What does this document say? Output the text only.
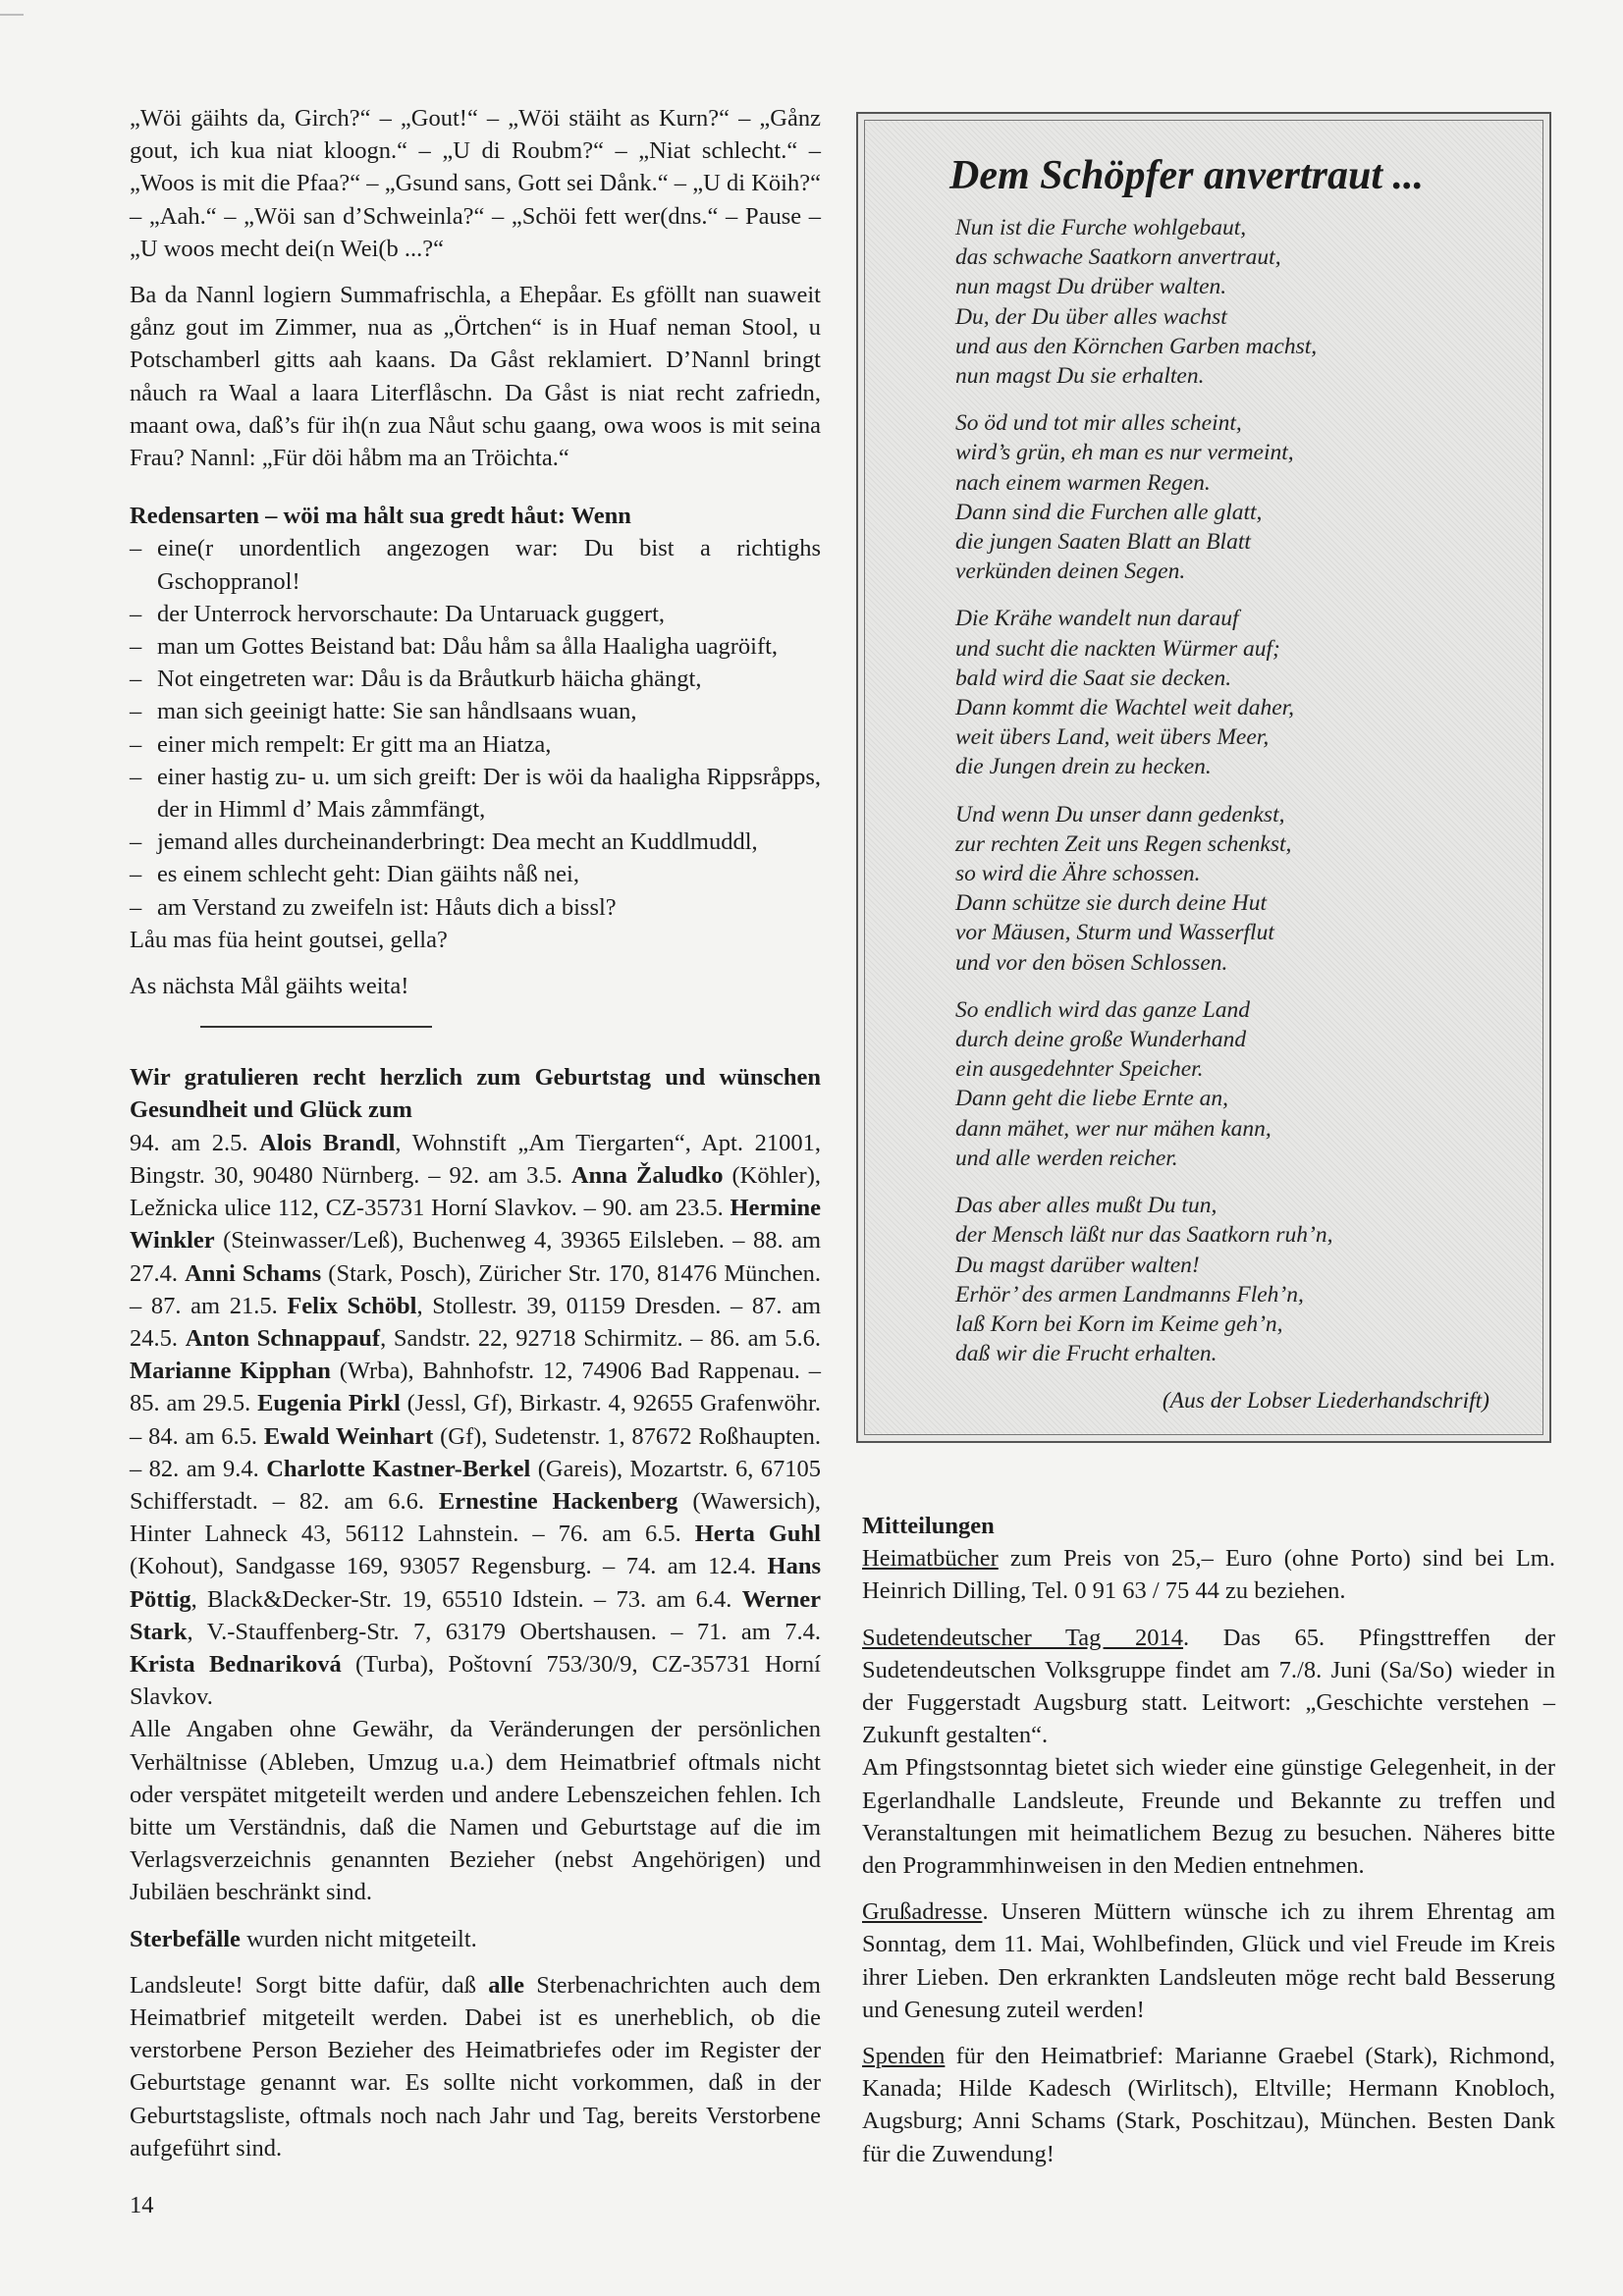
„Wöi gäihts da, Girch?“ – „Gout!“ – „Wöi stäiht as Kurn?“ – „Gånz gout, ich kua niat kloogn.“ – „U di Roubm?“ – „Niat schlecht.“ – „Woos is mit die Pfaa?“ – „Gsund sans, Gott sei Dånk.“ – „U di Köih?“ – „Aah.“ – „Wöi san d’Schweinla?“ – „Schöi fett wer(dns.“ – Pause – „U woos mecht dei(n Wei(b ...?“

Ba da Nannl logiern Summafrischla, a Ehepåar. Es gföllt nan suaweit gånz gout im Zimmer, nua as „Örtchen“ is in Huaf neman Stool, u Potschamberl gitts aah kaans. Da Gåst reklamiert. D’Nannl bringt nåuch ra Waal a laara Literflåschn. Da Gåst is niat recht zafriedn, maant owa, daß’s für ih(n zua Nåut schu gaang, owa woos is mit seina Frau? Nannl: „Für döi håbm ma an Tröichta.“

Redensarten – wöi ma hålt sua gredt håut: Wenn

– eine(r unordentlich angezogen war: Du bist a richtighs Gschoppranol!
– der Unterrock hervorschaute: Da Untaruack guggert,
– man um Gottes Beistand bat: Dåu håm sa ålla Haaligha uagröift,
– Not eingetreten war: Dåu is da Bråutkurb häicha ghängt,
– man sich geeinigt hatte: Sie san håndlsaans wuan,
– einer mich rempelt: Er gitt ma an Hiatza,
– einer hastig zu- u. um sich greift: Der is wöi da haaligha Rippsråpps, der in Himml d’ Mais zåmmfängt,
– jemand alles durcheinanderbringt: Dea mecht an Kuddlmuddl,
– es einem schlecht geht: Dian gäihts nåß nei,
– am Verstand zu zweifeln ist: Håuts dich a bissl?

Låu mas füa heint goutsei, gella?

As nächsta Mål gäihts weita!

Wir gratulieren recht herzlich zum Geburtstag und wünschen Gesundheit und Glück zum

94. am 2.5. Alois Brandl, Wohnstift „Am Tiergarten“, Apt. 21001, Bingstr. 30, 90480 Nürnberg. – 92. am 3.5. Anna Žaludko (Köhler), Ležnicka ulice 112, CZ-35731 Horní Slavkov. – 90. am 23.5. Hermine Winkler (Steinwasser/Leß), Buchenweg 4, 39365 Eilsleben. – 88. am 27.4. Anni Schams (Stark, Posch), Züricher Str. 170, 81476 München. – 87. am 21.5. Felix Schöbl, Stollestr. 39, 01159 Dresden. – 87. am 24.5. Anton Schnappauf, Sandstr. 22, 92718 Schirmitz. – 86. am 5.6. Marianne Kipphan (Wrba), Bahnhofstr. 12, 74906 Bad Rappenau. – 85. am 29.5. Eugenia Pirkl (Jessl, Gf), Birkastr. 4, 92655 Grafenwöhr. – 84. am 6.5. Ewald Weinhart (Gf), Sudetenstr. 1, 87672 Roßhaupten. – 82. am 9.4. Charlotte Kastner-Berkel (Gareis), Mozartstr. 6, 67105 Schifferstadt. – 82. am 6.6. Ernestine Hackenberg (Wawersich), Hinter Lahneck 43, 56112 Lahnstein. – 76. am 6.5. Herta Guhl (Kohout), Sandgasse 169, 93057 Regensburg. – 74. am 12.4. Hans Pöttig, Black&Decker-Str. 19, 65510 Idstein. – 73. am 6.4. Werner Stark, V.-Stauffenberg-Str. 7, 63179 Obertshausen. – 71. am 7.4. Krista Bednariková (Turba), Poštovní 753/30/9, CZ-35731 Horní Slavkov.

Alle Angaben ohne Gewähr, da Veränderungen der persönlichen Verhältnisse (Ableben, Umzug u.a.) dem Heimatbrief oftmals nicht oder verspätet mitgeteilt werden und andere Lebenszeichen fehlen. Ich bitte um Verständnis, daß die Namen und Geburtstage auf die im Verlagsverzeichnis genannten Bezieher (nebst Angehörigen) und Jubiläen beschränkt sind.

Sterbefälle wurden nicht mitgeteilt.

Landsleute! Sorgt bitte dafür, daß alle Sterbenachrichten auch dem Heimatbrief mitgeteilt werden. Dabei ist es unerheblich, ob die verstorbene Person Bezieher des Heimatbriefes oder im Register der Geburtstage genannt war. Es sollte nicht vorkommen, daß in der Geburtstagsliste, oftmals noch nach Jahr und Tag, bereits Verstorbene aufgeführt sind.

Dem Schöpfer anvertraut ...
Nun ist die Furche wohlgebaut,
das schwache Saatkorn anvertraut,
nun magst Du drüber walten.
Du, der Du über alles wachst
und aus den Körnchen Garben machst,
nun magst Du sie erhalten.
So öd und tot mir alles scheint,
wird’s grün, eh man es nur vermeint,
nach einem warmen Regen.
Dann sind die Furchen alle glatt,
die jungen Saaten Blatt an Blatt
verkünden deinen Segen.
Die Krähe wandelt nun darauf
und sucht die nackten Würmer auf;
bald wird die Saat sie decken.
Dann kommt die Wachtel weit daher,
weit übers Land, weit übers Meer,
die Jungen drein zu hecken.
Und wenn Du unser dann gedenkst,
zur rechten Zeit uns Regen schenkst,
so wird die Ähre schossen.
Dann schütze sie durch deine Hut
vor Mäusen, Sturm und Wasserflut
und vor den bösen Schlossen.
So endlich wird das ganze Land
durch deine große Wunderhand
ein ausgedehnter Speicher.
Dann geht die liebe Ernte an,
dann mähet, wer nur mähen kann,
und alle werden reicher.
Das aber alles mußt Du tun,
der Mensch läßt nur das Saatkorn ruh’n,
Du magst darüber walten!
Erhör’ des armen Landmanns Fleh’n,
laß Korn bei Korn im Keime geh’n,
daß wir die Frucht erhalten.
(Aus der Lobser Liederhandschrift)

Mitteilungen

Heimatbücher zum Preis von 25,– Euro (ohne Porto) sind bei Lm. Heinrich Dilling, Tel. 0 91 63 / 75 44 zu beziehen.

Sudetendeutscher Tag 2014. Das 65. Pfingsttreffen der Sudetendeutschen Volksgruppe findet am 7./8. Juni (Sa/So) wieder in der Fuggerstadt Augsburg statt. Leitwort: „Geschichte verstehen – Zukunft gestalten“.

Am Pfingstsonntag bietet sich wieder eine günstige Gelegenheit, in der Egerlandhalle Landsleute, Freunde und Bekannte zu treffen und Veranstaltungen mit heimatlichem Bezug zu besuchen. Näheres bitte den Programmhinweisen in den Medien entnehmen.

Grußadresse. Unseren Müttern wünsche ich zu ihrem Ehrentag am Sonntag, dem 11. Mai, Wohlbefinden, Glück und viel Freude im Kreis ihrer Lieben. Den erkrankten Landsleuten möge recht bald Besserung und Genesung zuteil werden!

Spenden für den Heimatbrief: Marianne Graebel (Stark), Richmond, Kanada; Hilde Kadesch (Wirlitsch), Eltville; Hermann Knobloch, Augsburg; Anni Schams (Stark, Poschitzau), München. Besten Dank für die Zuwendung!

14
